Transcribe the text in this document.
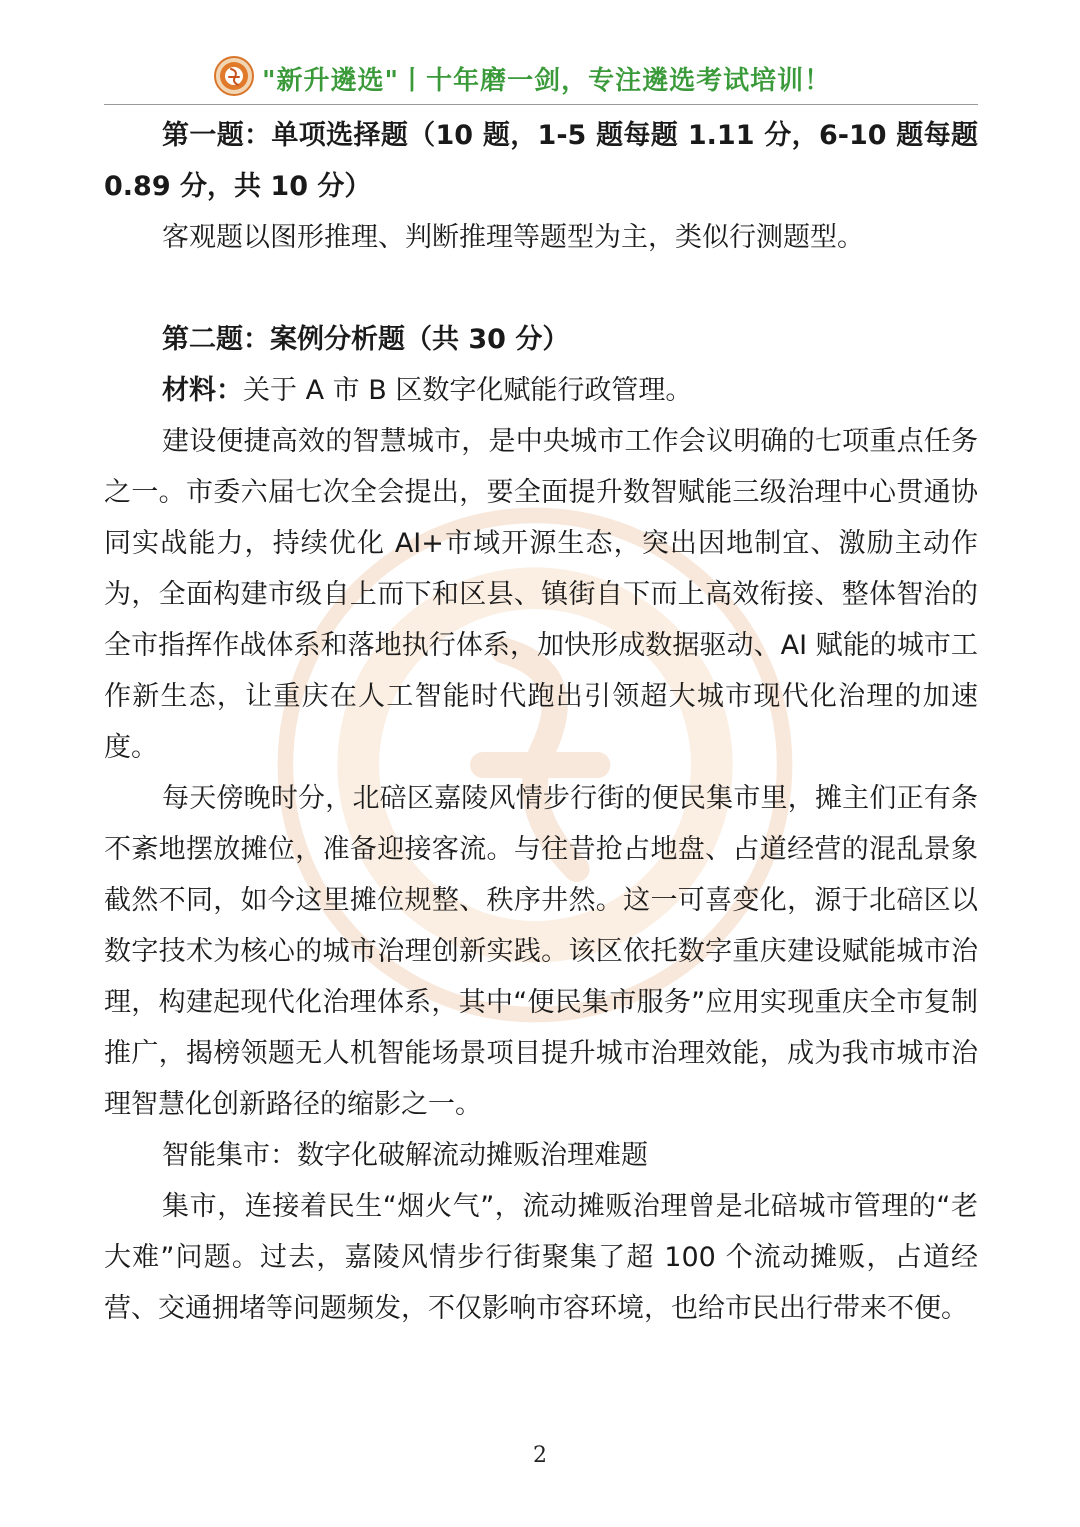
"新升遴选"丨十年磨一剑，专注遴选考试培训！

第一题：单项选择题（10 题，1-5 题每题 1.11 分，6-10 题每题 0.89 分，共 10 分）

客观题以图形推理、判断推理等题型为主，类似行测题型。

第二题：案例分析题（共 30 分）

材料：关于 A 市 B 区数字化赋能行政管理。

建设便捷高效的智慧城市，是中央城市工作会议明确的七项重点任务之一。市委六届七次全会提出，要全面提升数智赋能三级治理中心贯通协同实战能力，持续优化 AI+市域开源生态，突出因地制宜、激励主动作为，全面构建市级自上而下和区县、镇街自下而上高效衔接、整体智治的全市指挥作战体系和落地执行体系，加快形成数据驱动、AI 赋能的城市工作新生态，让重庆在人工智能时代跑出引领超大城市现代化治理的加速度。

每天傍晚时分，北碚区嘉陵风情步行街的便民集市里，摊主们正有条不紊地摆放摊位，准备迎接客流。与往昔抢占地盘、占道经营的混乱景象截然不同，如今这里摊位规整、秩序井然。这一可喜变化，源于北碚区以数字技术为核心的城市治理创新实践。该区依托数字重庆建设赋能城市治理，构建起现代化治理体系，其中“便民集市服务”应用实现重庆全市复制推广，揭榜领题无人机智能场景项目提升城市治理效能，成为我市城市治理智慧化创新路径的缩影之一。

智能集市：数字化破解流动摊贩治理难题

集市，连接着民生“烟火气”，流动摊贩治理曾是北碚城市管理的“老大难”问题。过去，嘉陵风情步行街聚集了超 100 个流动摊贩，占道经营、交通拥堵等问题频发，不仅影响市容环境，也给市民出行带来不便。

2
